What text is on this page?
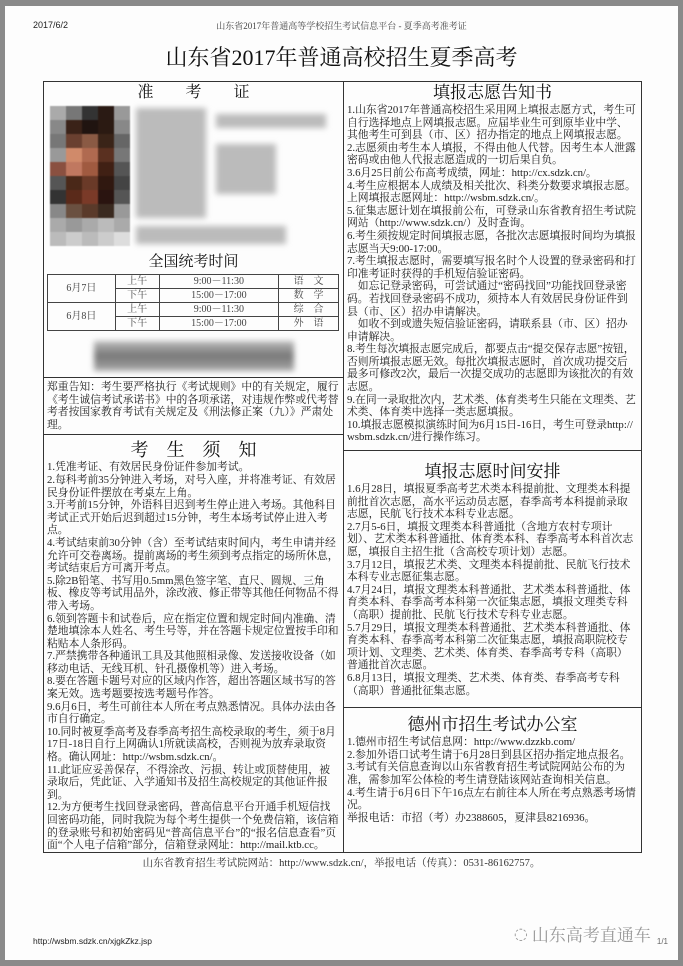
2017/6/2	山东省2017年普通高等学校招生考试信息平台 - 夏季高考准考证
山东省2017年普通高校招生夏季高考
准　　考　　证
全国统考时间
6月7日	上午	9:00－11:30	语　文
	下午	15:00－17:00	数　学
6月8日	上午	9:00－11:30	综　合
	下午	15:00－17:00	外　语
郑重告知：考生要严格执行《考试规则》中的有关规定，履行《考生诚信考试承诺书》中的各项承诺，对违规作弊或代考替考者按国家教育考试有关规定及《刑法修正案（九）》严肃处理。
考　生　须　知
1.凭准考证、有效居民身份证件参加考试。
2.每科考前35分钟进入考场，对号入座，并将准考证、有效居民身份证件摆放在考桌左上角。
3.开考前15分钟，外语科目迟到考生停止进入考场。其他科目考试正式开始后迟到超过15分钟，考生本场考试停止进入考点。
4.考试结束前30分钟（含）至考试结束时间内，考生申请并经允许可交卷离场。提前离场的考生须到考点指定的场所休息，考试结束后方可离开考点。
5.除2B铅笔、书写用0.5mm黑色签字笔、直尺、圆规、三角板、橡皮等考试用品外，涂改液、修正带等其他任何物品不得带入考场。
6.领到答题卡和试卷后，应在指定位置和规定时间内准确、清楚地填涂本人姓名、考生号等，并在答题卡规定位置按手印和粘贴本人条形码。
7.严禁携带各种通讯工具及其他照相录像、发送接收设备（如移动电话、无线耳机、针孔摄像机等）进入考场。
8.要在答题卡题号对应的区域内作答，超出答题区域书写的答案无效。选考题要按选考题号作答。
9.6月6日，考生可前往本人所在考点熟悉情况。具体办法由各市自行确定。
10.同时被夏季高考及春季高考招生高校录取的考生，须于8月17日-18日自行上网确认1所就读高校，否则视为放弃录取资格。确认网址：http://wsbm.sdzk.cn/。
11.此证应妥善保存，不得涂改、污损、转让或顶替使用，被录取后，凭此证、入学通知书及招生高校规定的其他证件报到。
12.为方便考生找回登录密码，普高信息平台开通手机短信找回密码功能，同时我院为每个考生提供一个免费信箱，该信箱的登录账号和初始密码见“普高信息平台”的“报名信息查看”页面“个人电子信箱”部分，信箱登录网址：http://mail.ktb.cc。
填报志愿告知书
1.山东省2017年普通高校招生采用网上填报志愿方式，考生可自行选择地点上网填报志愿。应届毕业生可到原毕业中学、其他考生可到县（市、区）招办指定的地点上网填报志愿。
2.志愿须由考生本人填报，不得由他人代替。因考生本人泄露密码或由他人代报志愿造成的一切后果自负。
3.6月25日前公布高考成绩，网址：http://cx.sdzk.cn/。
4.考生应根据本人成绩及相关批次、科类分数要求填报志愿。上网填报志愿网址：http://wsbm.sdzk.cn/。
5.征集志愿计划在填报前公布，可登录山东省教育招生考试院网站（http://www.sdzk.cn/）及时查询。
6.考生须按规定时间填报志愿，各批次志愿填报时间均为填报志愿当天9:00-17:00。
7.考生填报志愿时，需要填写报名时个人设置的登录密码和打印准考证时获得的手机短信验证密码。
　如忘记登录密码，可尝试通过“密码找回”功能找回登录密码。若找回登录密码不成功，须持本人有效居民身份证件到县（市、区）招办申请解决。
　如收不到或遗失短信验证密码，请联系县（市、区）招办申请解决。
8.考生每次填报志愿完成后，都要点击“提交保存志愿”按钮，否则所填报志愿无效。每批次填报志愿时，首次成功提交后最多可修改2次，最后一次提交成功的志愿即为该批次的有效志愿。
9.在同一录取批次内，艺术类、体育类考生只能在文理类、艺术类、体育类中选择一类志愿填报。
10.填报志愿模拟演练时间为6月15日-16日，考生可登录http://wsbm.sdzk.cn/进行操作练习。
填报志愿时间安排
1.6月28日，填报夏季高考艺术类本科提前批、文理类本科提前批首次志愿，高水平运动员志愿，春季高考本科提前录取志愿，民航飞行技术本科专业志愿。
2.7月5-6日，填报文理类本科普通批（含地方农村专项计划）、艺术类本科普通批、体育类本科、春季高考本科首次志愿，填报自主招生批（含高校专项计划）志愿。
3.7月12日，填报艺术类、文理类本科提前批、民航飞行技术本科专业志愿征集志愿。
4.7月24日，填报文理类本科普通批、艺术类本科普通批、体育类本科、春季高考本科第一次征集志愿，填报文理类专科（高职）提前批、民航飞行技术专科专业志愿。
5.7月29日，填报文理类本科普通批、艺术类本科普通批、体育类本科、春季高考本科第二次征集志愿，填报高职院校专项计划、文理类、艺术类、体育类、春季高考专科（高职）普通批首次志愿。
6.8月13日，填报文理类、艺术类、体育类、春季高考专科（高职）普通批征集志愿。
德州市招生考试办公室
1.德州市招生考试信息网：http://www.dzzkb.com/
2.参加外语口试考生请于6月28日到县区招办指定地点报名。
3.考试有关信息查询以山东省教育招生考试院网站公布的为准，需参加军公体检的考生请登陆该网站查询相关信息。
4.考生请于6月6日下午16点左右前往本人所在考点熟悉考场情况。
举报电话：市招（考）办2388605，夏津县8216936。
山东省教育招生考试院网站：http://www.sdzk.cn/，举报电话（传真）：0531-86162757。
http://wsbm.sdzk.cn/xjgkZkz.jsp	◌ 山东高考直通车 1/1
